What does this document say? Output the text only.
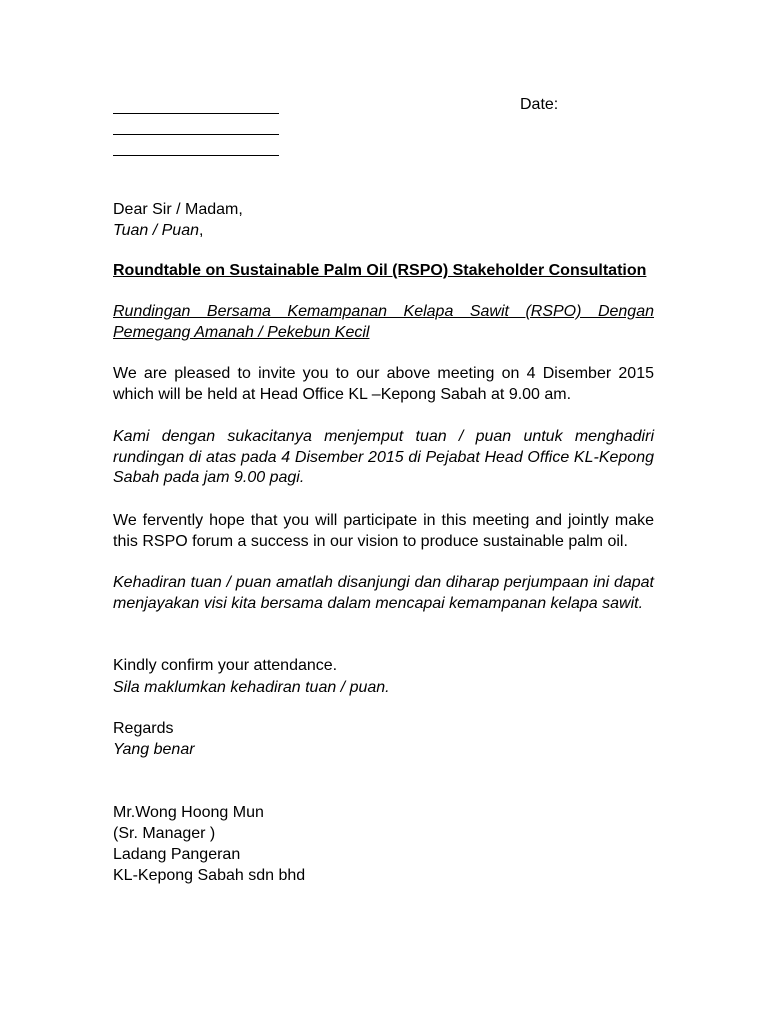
Date:
Dear Sir / Madam,
Tuan / Puan,
Roundtable on Sustainable Palm Oil (RSPO) Stakeholder Consultation
Rundingan Bersama Kemampanan Kelapa Sawit (RSPO) Dengan Pemegang Amanah / Pekebun Kecil
We are pleased to invite you to our above meeting on 4 Disember 2015 which will be held at Head Office KL –Kepong Sabah at 9.00 am.
Kami dengan sukacitanya menjemput tuan / puan untuk menghadiri rundingan di atas pada 4 Disember 2015 di Pejabat Head Office KL-Kepong Sabah pada jam 9.00 pagi.
We fervently hope that you will participate in this meeting and jointly make this RSPO forum a success in our vision to produce sustainable palm oil.
Kehadiran tuan / puan amatlah disanjungi dan diharap perjumpaan ini dapat menjayakan visi kita bersama dalam mencapai kemampanan kelapa sawit.
Kindly confirm your attendance.
Sila maklumkan kehadiran tuan / puan.
Regards
Yang benar
Mr.Wong Hoong Mun
(Sr. Manager )
Ladang Pangeran
KL-Kepong Sabah sdn bhd
